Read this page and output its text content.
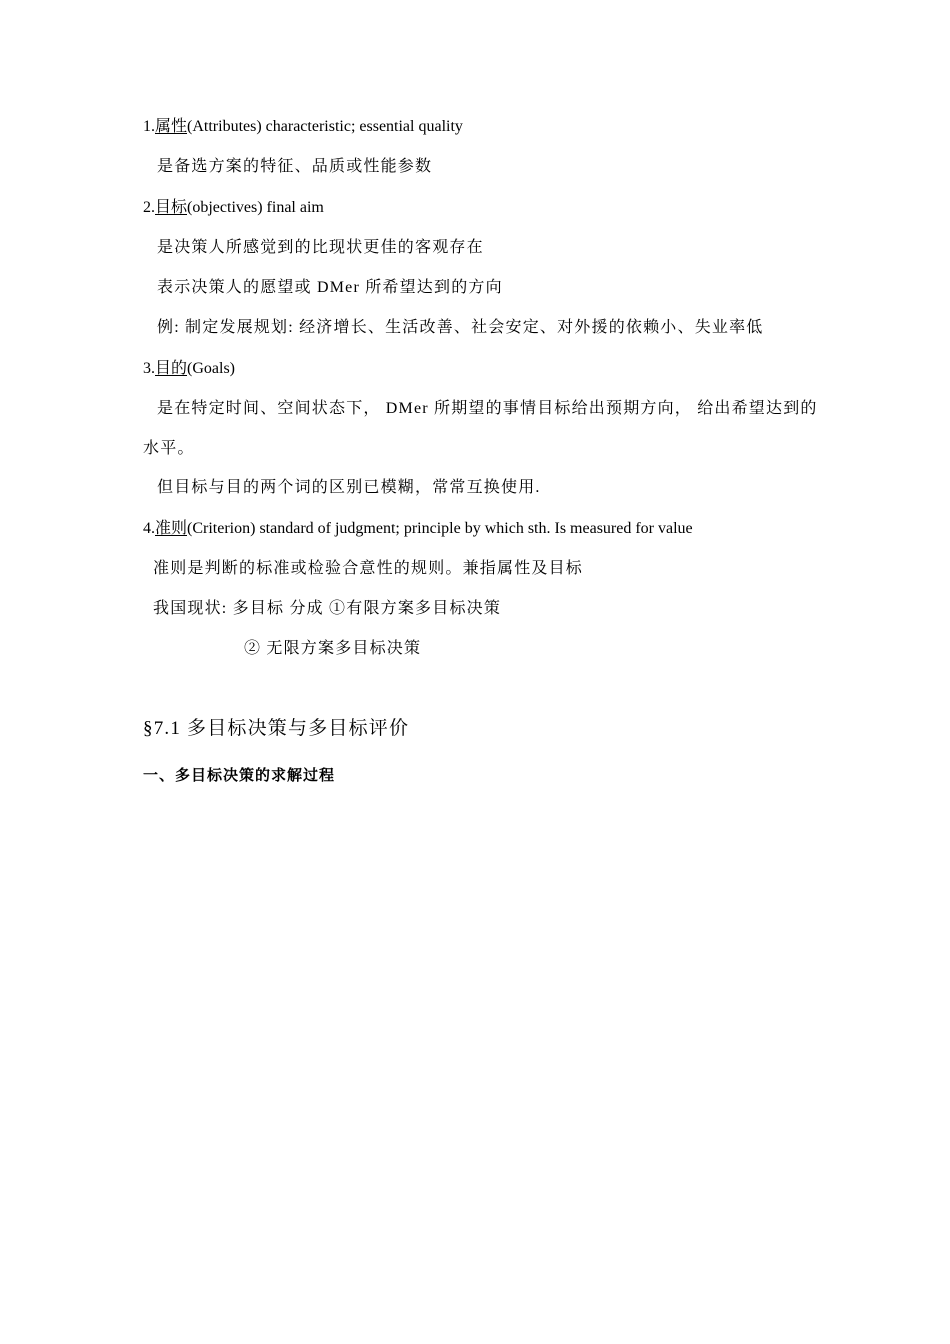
1.属性(Attributes) characteristic; essential quality
是备选方案的特征、品质或性能参数
2.目标(objectives) final aim
是决策人所感觉到的比现状更佳的客观存在
表示决策人的愿望或 DMer 所希望达到的方向
例: 制定发展规划: 经济增长、生活改善、社会安定、对外援的依赖小、失业率低
3.目的(Goals)
是在特定时间、空间状态下， DMer 所期望的事情目标给出预期方向， 给出希望达到的
水平。
但目标与目的两个词的区别已模糊，常常互换使用.
4.准则(Criterion) standard of judgment; principle by which sth. Is measured for value
准则是判断的标准或检验合意性的规则。兼指属性及目标
我国现状: 多目标 分成 ①有限方案多目标决策
② 无限方案多目标决策
§7.1 多目标决策与多目标评价
一、多目标决策的求解过程
